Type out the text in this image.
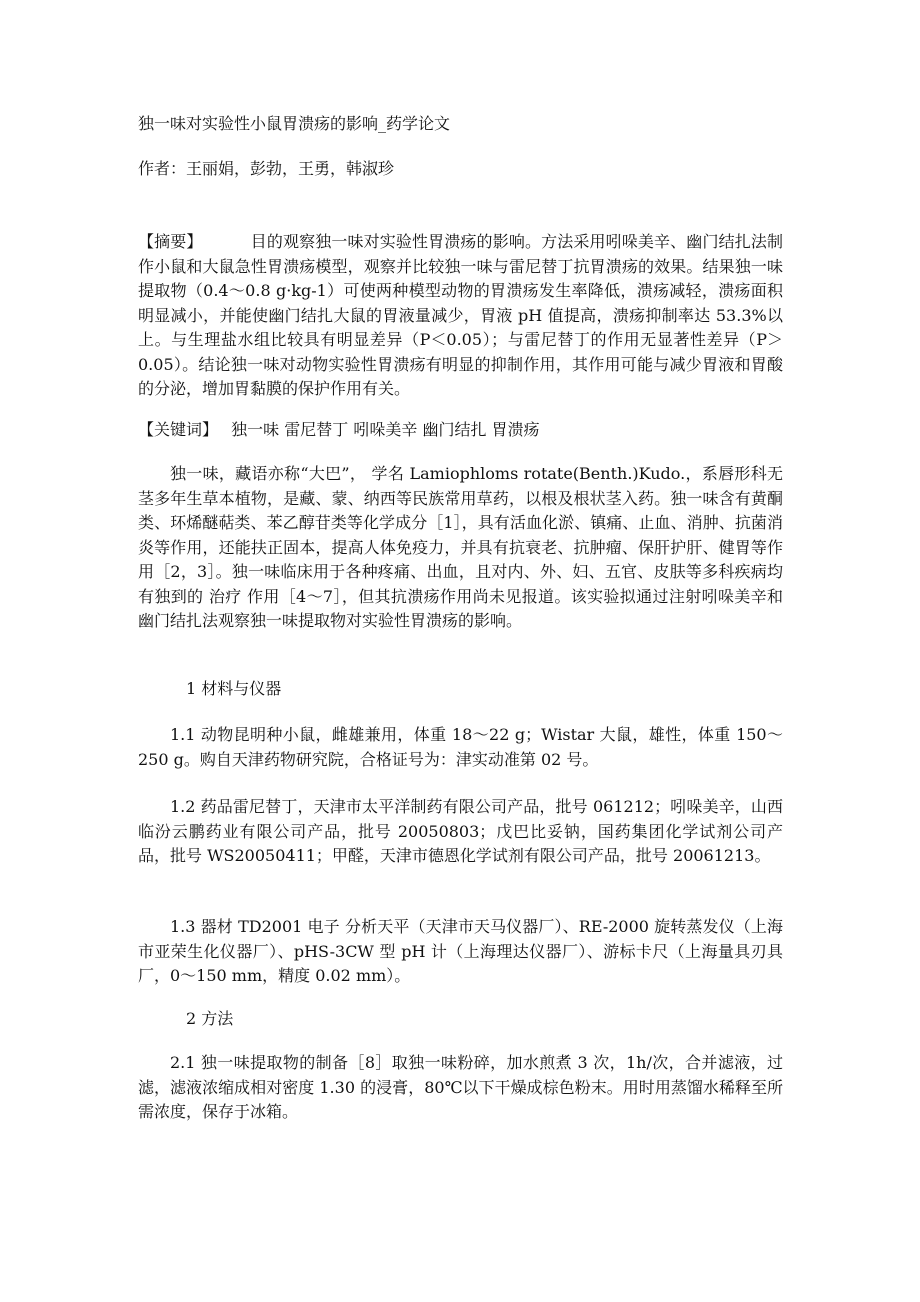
独一味对实验性小鼠胃溃疡的影响_药学论文

作者：王丽娟，彭勃，王勇，韩淑珍

【摘要】	目的观察独一味对实验性胃溃疡的影响。方法采用吲哚美辛、幽门结扎法制作小鼠和大鼠急性胃溃疡模型，观察并比较独一味与雷尼替丁抗胃溃疡的效果。结果独一味提取物（0.4～0.8 g·kg-1）可使两种模型动物的胃溃疡发生率降低，溃疡减轻，溃疡面积明显减小，并能使幽门结扎大鼠的胃液量减少，胃液 pH 值提高，溃疡抑制率达 53.3%以上。与生理盐水组比较具有明显差异（P＜0.05）；与雷尼替丁的作用无显著性差异（P＞0.05）。结论独一味对动物实验性胃溃疡有明显的抑制作用，其作用可能与减少胃液和胃酸的分泌，增加胃黏膜的保护作用有关。

【关键词】 独一味 雷尼替丁 吲哚美辛 幽门结扎 胃溃疡

独一味，藏语亦称“大巴”， 学名 Lamiophloms rotate(Benth.)Kudo.，系唇形科无茎多年生草本植物，是藏、蒙、纳西等民族常用草药，以根及根状茎入药。独一味含有黄酮类、环烯醚萜类、苯乙醇苷类等化学成分［1］，具有活血化淤、镇痛、止血、消肿、抗菌消炎等作用，还能扶正固本，提高人体免疫力，并具有抗衰老、抗肿瘤、保肝护肝、健胃等作用［2，3］。独一味临床用于各种疼痛、出血，且对内、外、妇、五官、皮肤等多科疾病均有独到的 治疗 作用［4～7］，但其抗溃疡作用尚未见报道。该实验拟通过注射吲哚美辛和幽门结扎法观察独一味提取物对实验性胃溃疡的影响。

1 材料与仪器

1.1 动物昆明种小鼠，雌雄兼用，体重 18～22 g；Wistar 大鼠，雄性，体重 150～250 g。购自天津药物研究院，合格证号为：津实动准第 02 号。

1.2 药品雷尼替丁，天津市太平洋制药有限公司产品，批号 061212；吲哚美辛，山西临汾云鹏药业有限公司产品，批号 20050803；戊巴比妥钠，国药集团化学试剂公司产品，批号 WS20050411；甲醛，天津市德恩化学试剂有限公司产品，批号 20061213。

1.3 器材 TD2001 电子 分析天平（天津市天马仪器厂）、RE-2000 旋转蒸发仪（上海市亚荣生化仪器厂）、pHS-3CW 型 pH 计（上海理达仪器厂）、游标卡尺（上海量具刃具厂，0～150 mm，精度 0.02 mm）。

2 方法

2.1 独一味提取物的制备［8］取独一味粉碎，加水煎煮 3 次，1h/次，合并滤液，过滤，滤液浓缩成相对密度 1.30 的浸膏，80℃以下干燥成棕色粉末。用时用蒸馏水稀释至所需浓度，保存于冰箱。
